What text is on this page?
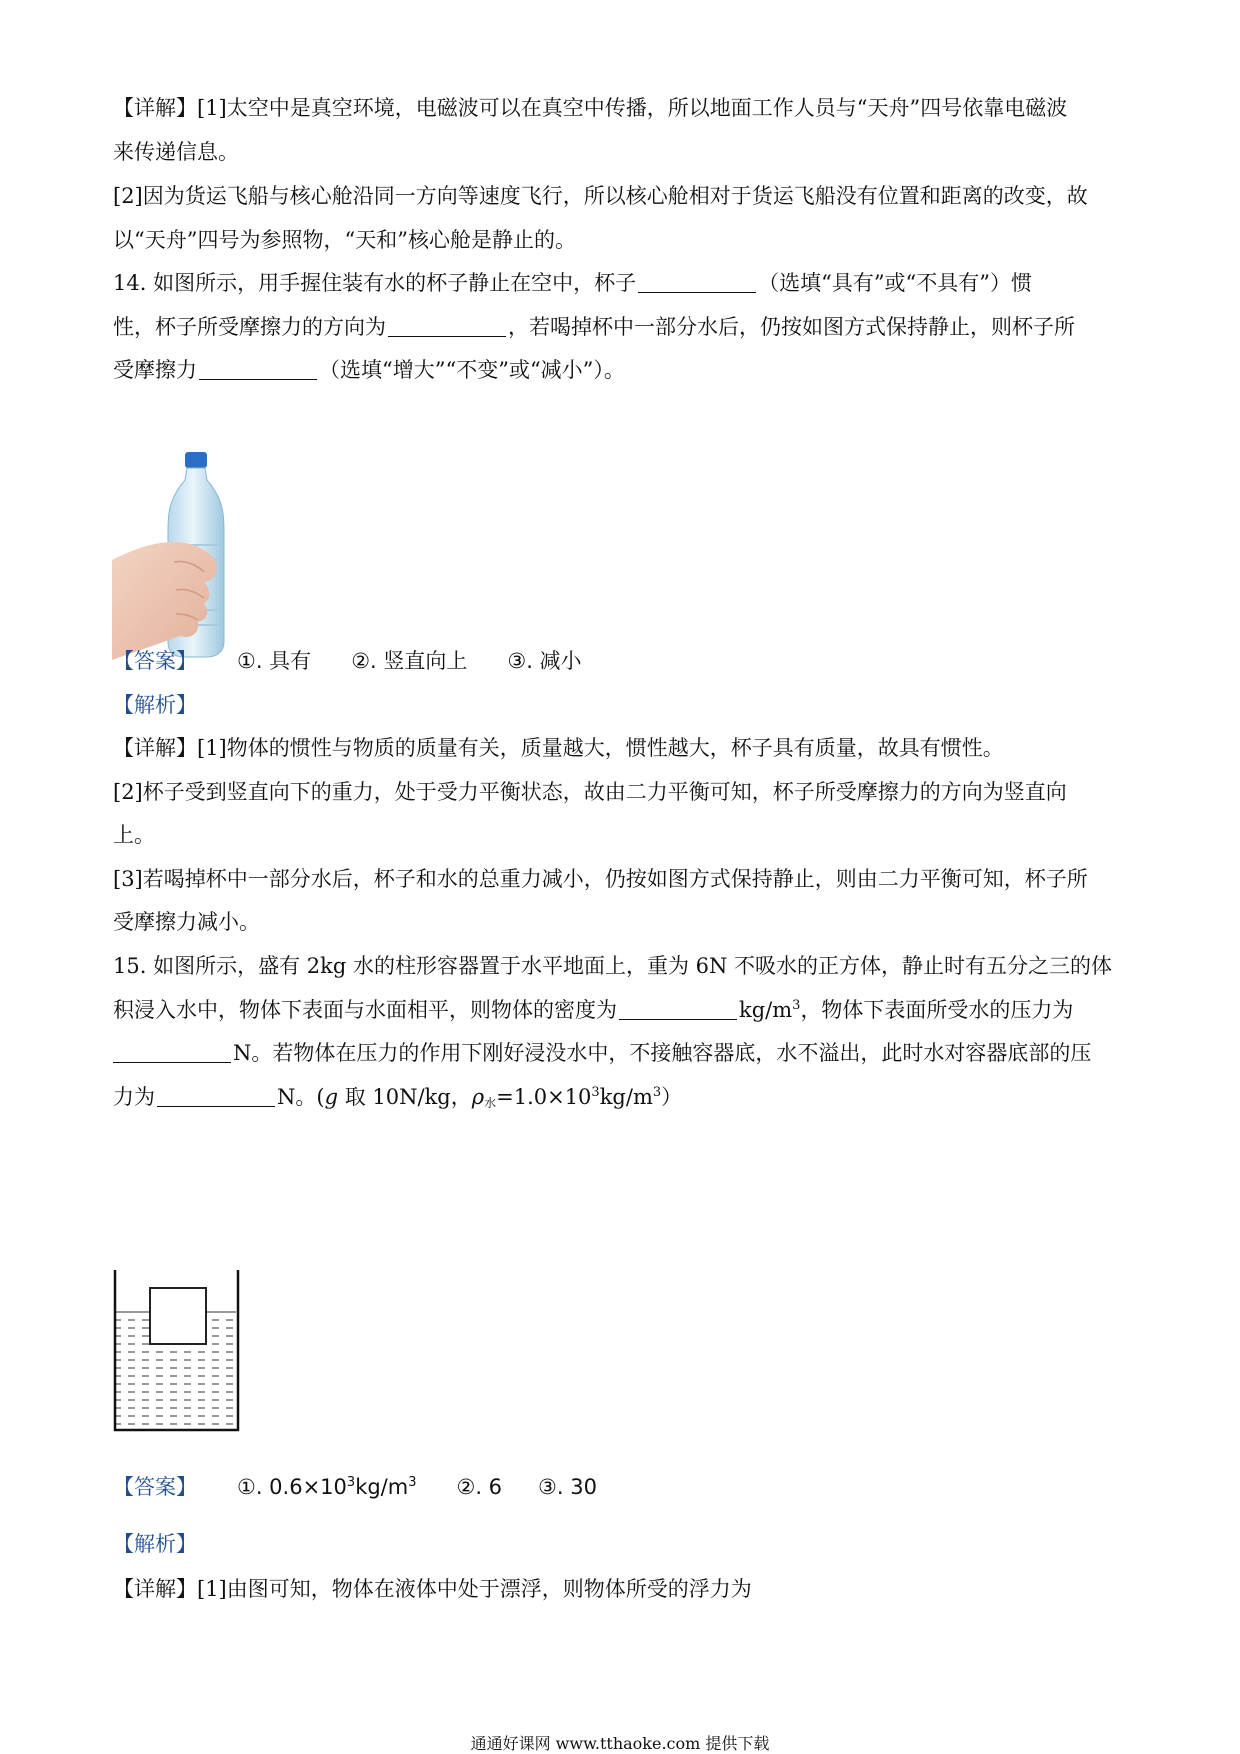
【详解】[1]太空中是真空环境，电磁波可以在真空中传播，所以地面工作人员与“天舟”四号依靠电磁波
来传递信息。
[2]因为货运飞船与核心舱沿同一方向等速度飞行，所以核心舱相对于货运飞船没有位置和距离的改变，故
以“天舟”四号为参照物，“天和”核心舱是静止的。
14. 如图所示，用手握住装有水的杯子静止在空中，杯子	（选填“具有”或“不具有”）惯
性，杯子所受摩擦力的方向为	，若喝掉杯中一部分水后，仍按如图方式保持静止，则杯子所
受摩擦力	（选填“增大”“不变”或“减小”）。
【答案】 ①. 具有 ②. 竖直向上 ③. 减小
【解析】
【详解】[1]物体的惯性与物质的质量有关，质量越大，惯性越大，杯子具有质量，故具有惯性。
[2]杯子受到竖直向下的重力，处于受力平衡状态，故由二力平衡可知，杯子所受摩擦力的方向为竖直向
上。
[3]若喝掉杯中一部分水后，杯子和水的总重力减小，仍按如图方式保持静止，则由二力平衡可知，杯子所
受摩擦力减小。
15. 如图所示，盛有 2kg 水的柱形容器置于水平地面上，重为 6N 不吸水的正方体，静止时有五分之三的体
积浸入水中，物体下表面与水面相平，则物体的密度为	$kg/m^3$，物体下表面所受水的压力为
N。若物体在压力的作用下刚好浸没水中，不接触容器底，水不溢出，此时水对容器底部的压
力为	N。(g 取 10N/kg，$\rho_水=1.0\times 10^3kg/m^3$）
【答案】 ①. $0.6\times 10^3kg/m^3$ ②. 6 ③. 30
【解析】
【详解】[1]由图可知，物体在液体中处于漂浮，则物体所受的浮力为
通通好课网 www.tthaoke.com 提供下载
